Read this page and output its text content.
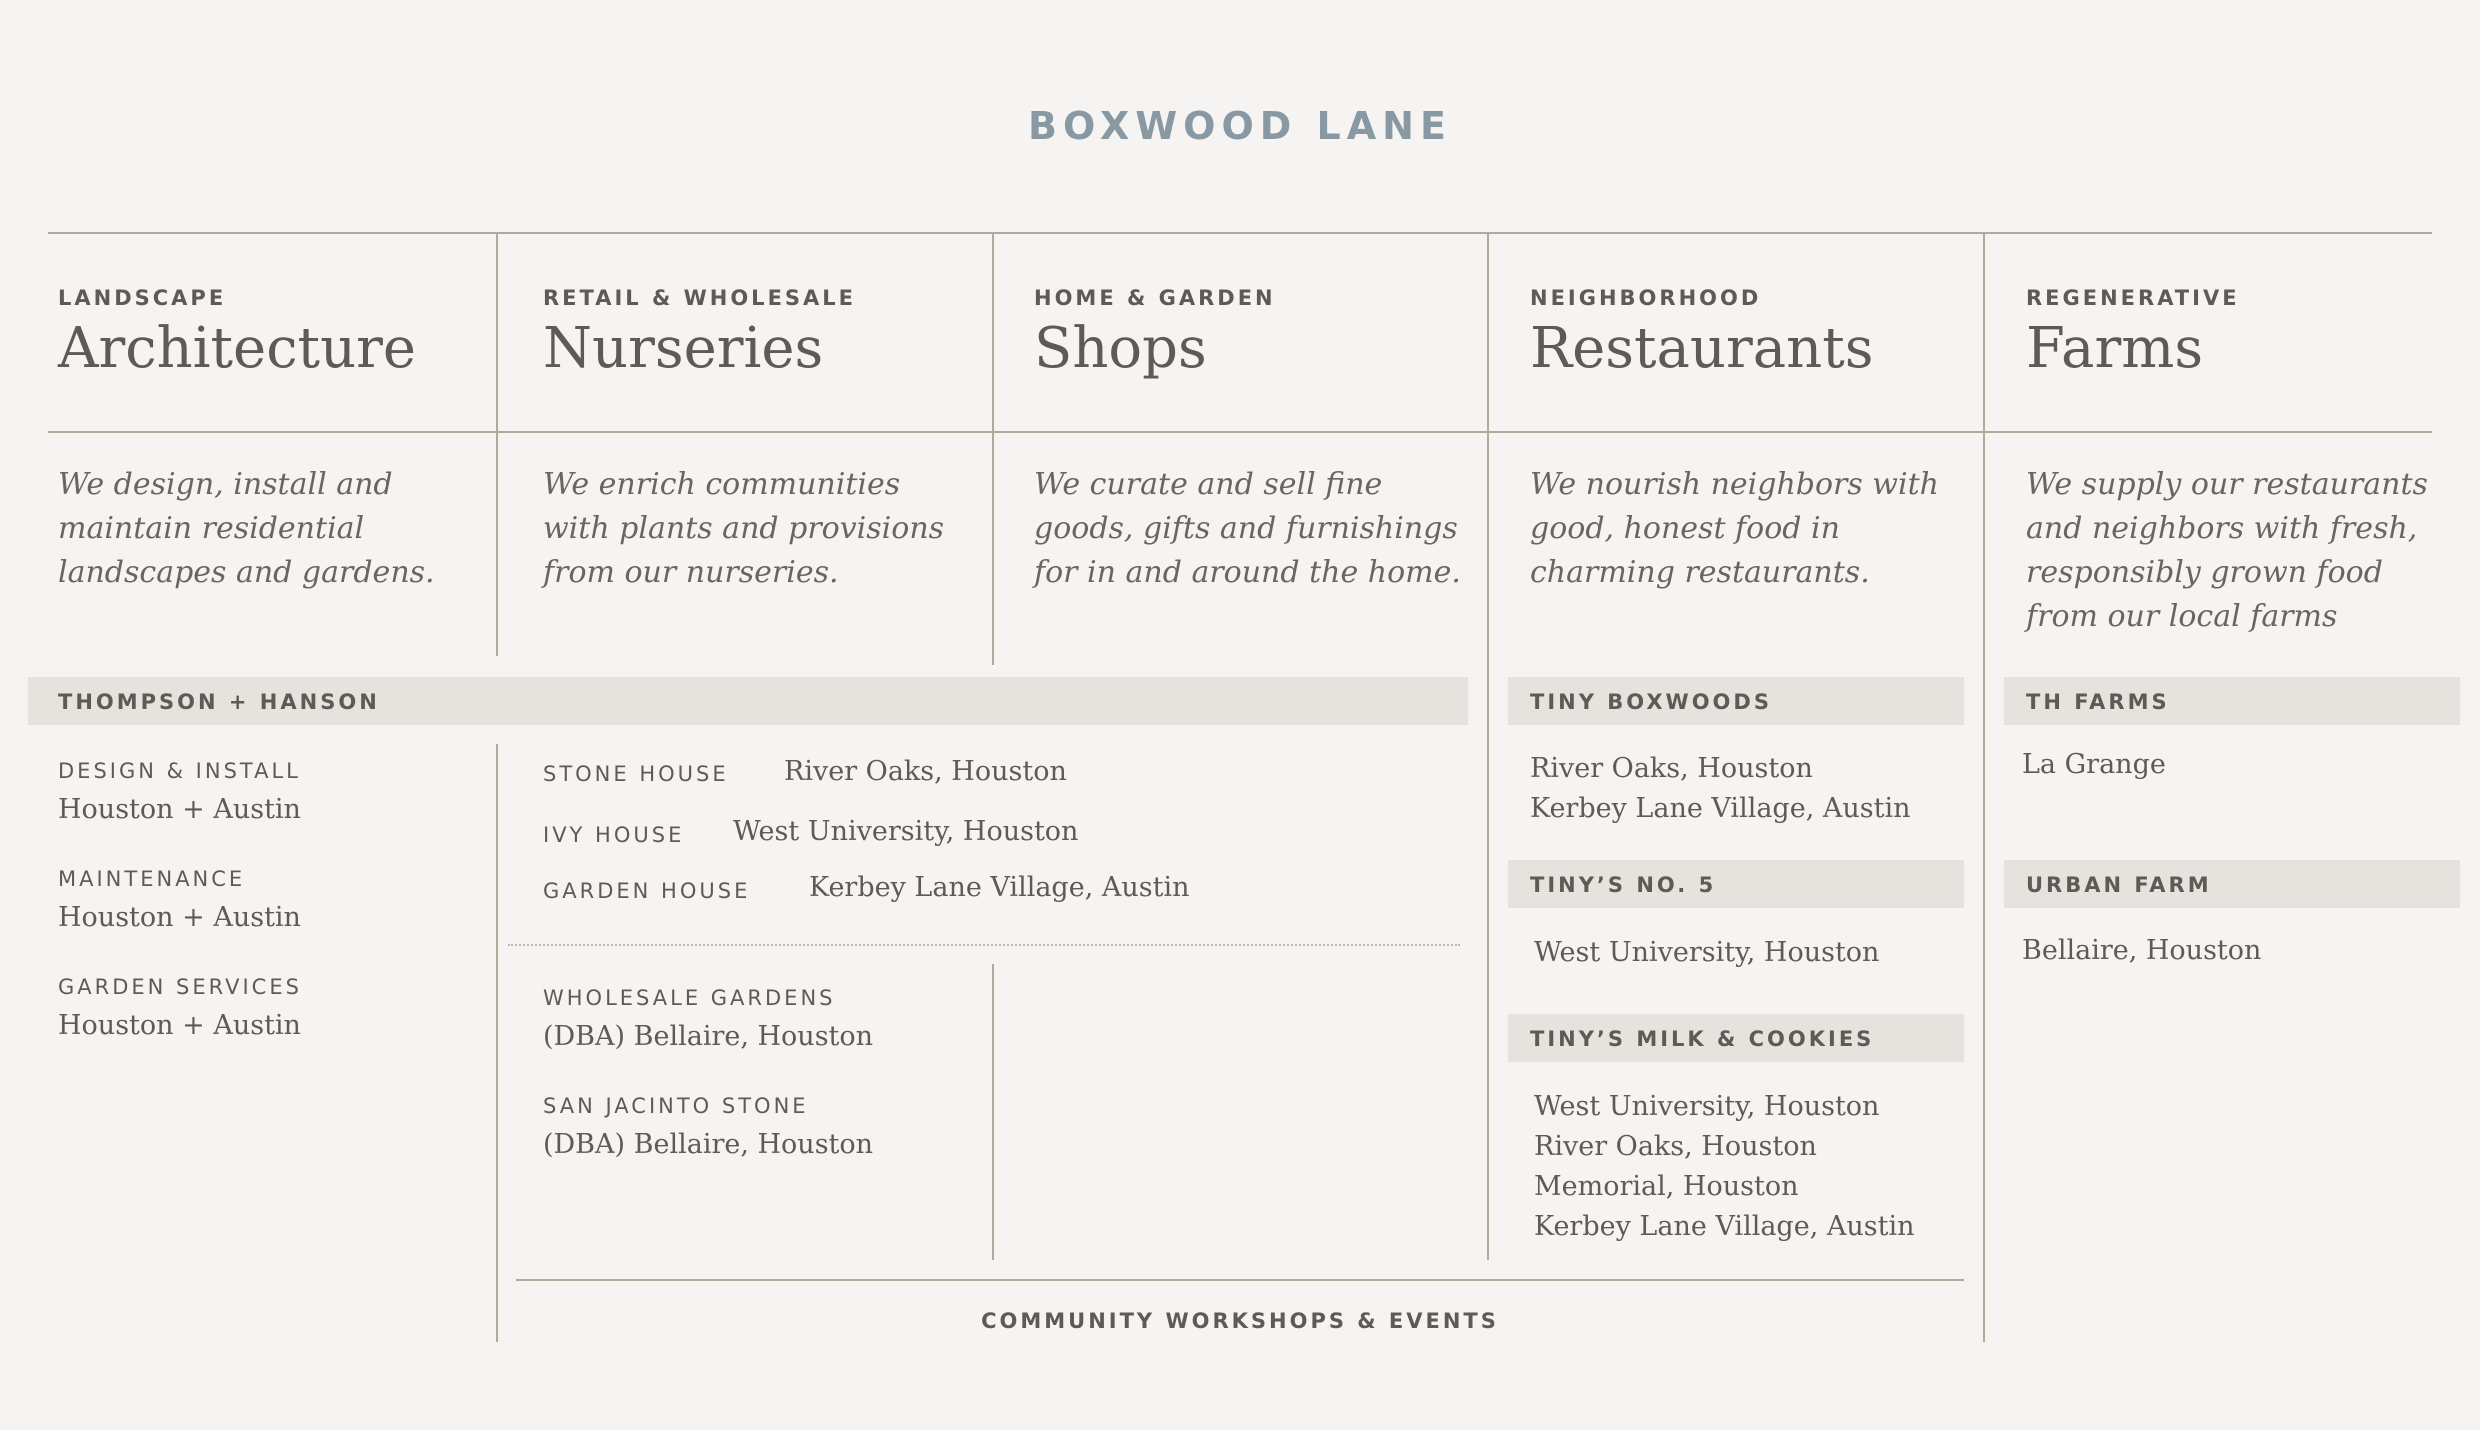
BOXWOOD LANE
LANDSCAPE
Architecture
RETAIL & WHOLESALE
Nurseries
HOME & GARDEN
Shops
NEIGHBORHOOD
Restaurants
REGENERATIVE
Farms
We design, install and maintain residential landscapes and gardens.
We enrich communities with plants and provisions from our nurseries.
We curate and sell fine goods, gifts and furnishings for in and around the home.
We nourish neighbors with good, honest food in charming restaurants.
We supply our restaurants and neighbors with fresh, responsibly grown food from our local farms
THOMPSON + HANSON
DESIGN & INSTALL
Houston + Austin
MAINTENANCE
Houston + Austin
GARDEN SERVICES
Houston + Austin
STONE HOUSE River Oaks, Houston
IVY HOUSE West University, Houston
GARDEN HOUSE Kerbey Lane Village, Austin
WHOLESALE GARDENS
(DBA) Bellaire, Houston
SAN JACINTO STONE
(DBA) Bellaire, Houston
TINY BOXWOODS
River Oaks, Houston
Kerbey Lane Village, Austin
TINY’S NO. 5
West University, Houston
TINY’S MILK & COOKIES
West University, Houston
River Oaks, Houston
Memorial, Houston
Kerbey Lane Village, Austin
TH FARMS
La Grange
URBAN FARM
Bellaire, Houston
COMMUNITY WORKSHOPS & EVENTS
